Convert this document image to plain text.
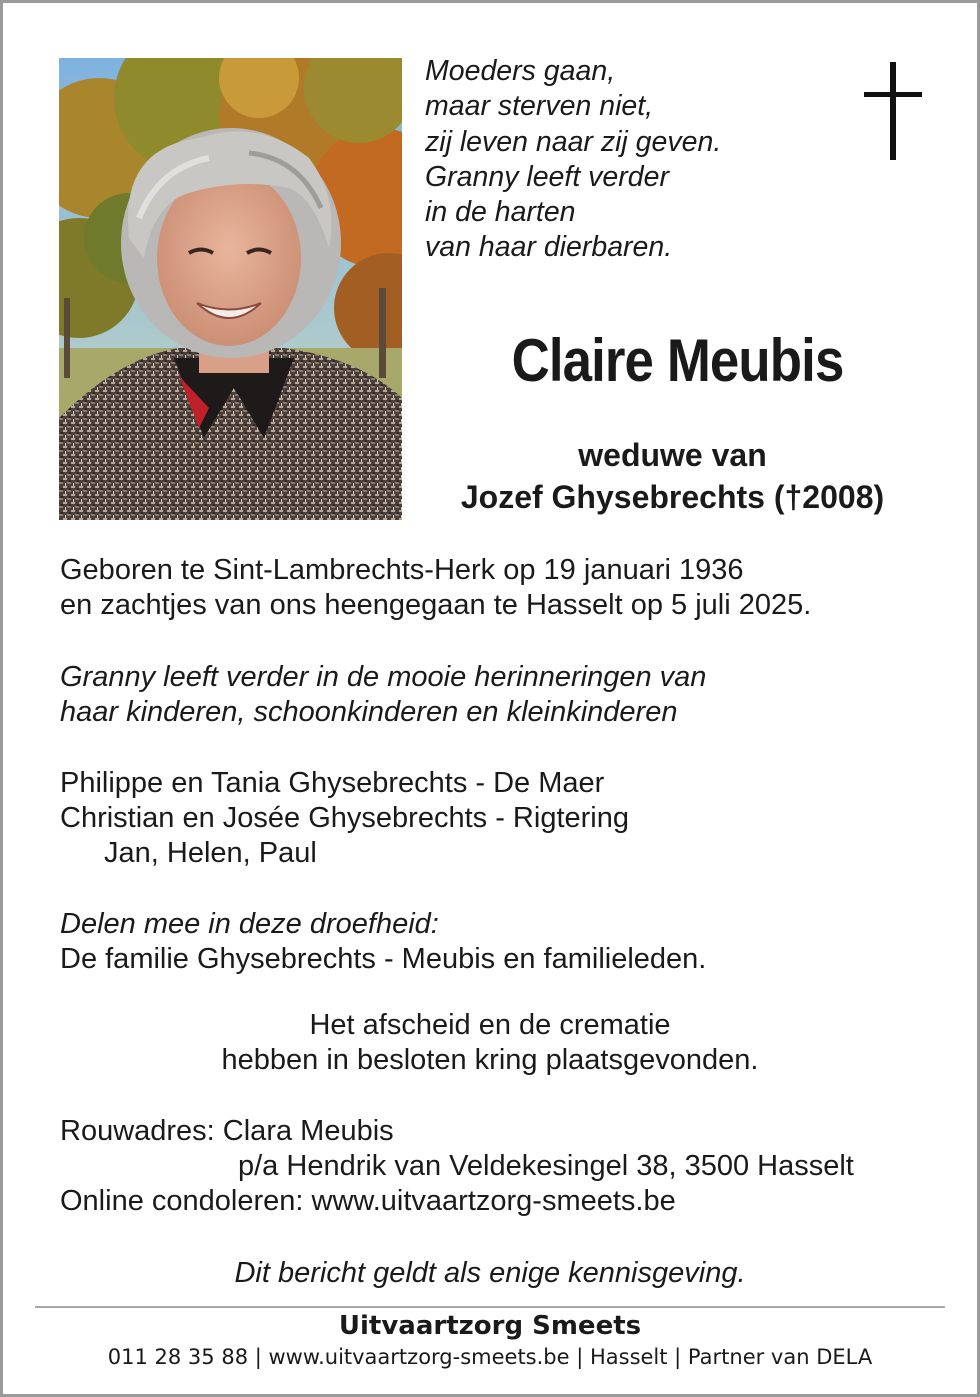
Moeders gaan,

maar sterven niet,

zij leven naar zij geven.

Granny leeft verder

in de harten

van haar dierbaren.

Claire Meubis
weduwe van
Jozef Ghysebrechts (†2008)

Geboren te Sint-Lambrechts-Herk op 19 januari 1936

en zachtjes van ons heengegaan te Hasselt op 5 juli 2025.

Granny leeft verder in de mooie herinneringen van

haar kinderen, schoonkinderen en kleinkinderen

Philippe en Tania Ghysebrechts - De Maer

Christian en Josée Ghysebrechts - Rigtering

Jan, Helen, Paul

Delen mee in deze droefheid:

De familie Ghysebrechts - Meubis en familieleden.

Het afscheid en de crematie

hebben in besloten kring plaatsgevonden.

Rouwadres: Clara Meubis

p/a Hendrik van Veldekesingel 38, 3500 Hasselt

Online condoleren: www.uitvaartzorg-smeets.be

Dit bericht geldt als enige kennisgeving.
Uitvaartzorg Smeets
011 28 35 88 | www.uitvaartzorg-smeets.be | Hasselt | Partner van DELA
